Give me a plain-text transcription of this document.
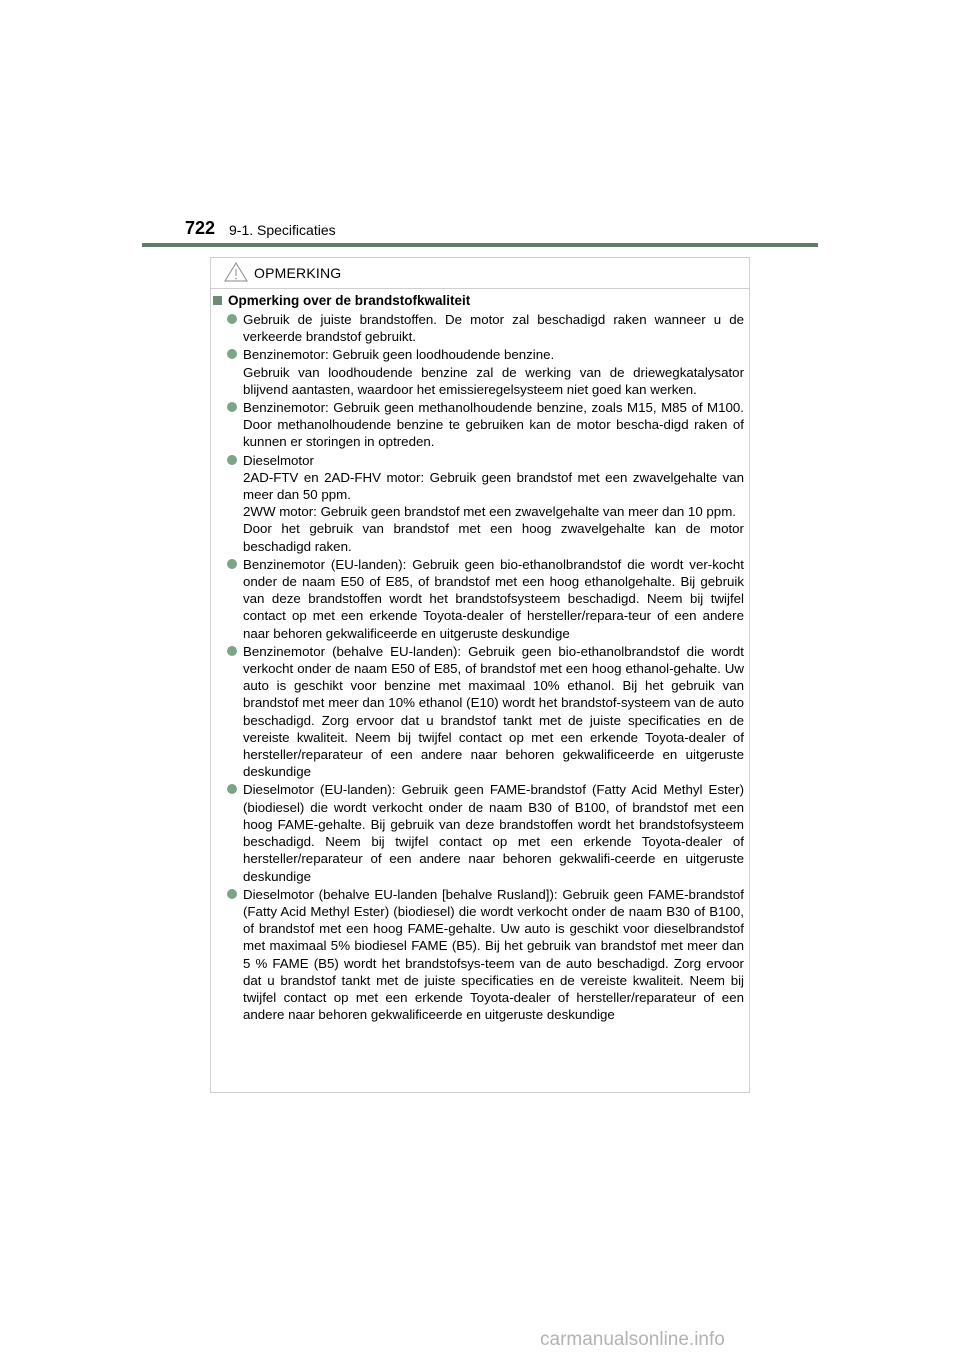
722 9-1. Specificaties
OPMERKING
Opmerking over de brandstofkwaliteit

Gebruik de juiste brandstoffen. De motor zal beschadigd raken wanneer u de verkeerde brandstof gebruikt.

Benzinemotor: Gebruik geen loodhoudende benzine.

Gebruik van loodhoudende benzine zal de werking van de driewegkatalysator blijvend aantasten, waardoor het emissieregelsysteem niet goed kan werken.

Benzinemotor: Gebruik geen methanolhoudende benzine, zoals M15, M85 of M100. Door methanolhoudende benzine te gebruiken kan de motor bescha-digd raken of kunnen er storingen in optreden.

Dieselmotor

2AD-FTV en 2AD-FHV motor: Gebruik geen brandstof met een zwavelgehalte van meer dan 50 ppm.

2WW motor: Gebruik geen brandstof met een zwavelgehalte van meer dan 10 ppm.

Door het gebruik van brandstof met een hoog zwavelgehalte kan de motor beschadigd raken.

Benzinemotor (EU-landen): Gebruik geen bio-ethanolbrandstof die wordt ver-kocht onder de naam E50 of E85, of brandstof met een hoog ethanolgehalte. Bij gebruik van deze brandstoffen wordt het brandstofsysteem beschadigd. Neem bij twijfel contact op met een erkende Toyota-dealer of hersteller/repara-teur of een andere naar behoren gekwalificeerde en uitgeruste deskundige

Benzinemotor (behalve EU-landen): Gebruik geen bio-ethanolbrandstof die wordt verkocht onder de naam E50 of E85, of brandstof met een hoog ethanol-gehalte. Uw auto is geschikt voor benzine met maximaal 10% ethanol. Bij het gebruik van brandstof met meer dan 10% ethanol (E10) wordt het brandstof-systeem van de auto beschadigd. Zorg ervoor dat u brandstof tankt met de juiste specificaties en de vereiste kwaliteit. Neem bij twijfel contact op met een erkende Toyota-dealer of hersteller/reparateur of een andere naar behoren gekwalificeerde en uitgeruste deskundige

Dieselmotor (EU-landen): Gebruik geen FAME-brandstof (Fatty Acid Methyl Ester) (biodiesel) die wordt verkocht onder de naam B30 of B100, of brandstof met een hoog FAME-gehalte. Bij gebruik van deze brandstoffen wordt het brandstofsysteem beschadigd. Neem bij twijfel contact op met een erkende Toyota-dealer of hersteller/reparateur of een andere naar behoren gekwalifi-ceerde en uitgeruste deskundige

Dieselmotor (behalve EU-landen [behalve Rusland]): Gebruik geen FAME-brandstof (Fatty Acid Methyl Ester) (biodiesel) die wordt verkocht onder de naam B30 of B100, of brandstof met een hoog FAME-gehalte. Uw auto is geschikt voor dieselbrandstof met maximaal 5% biodiesel FAME (B5). Bij het gebruik van brandstof met meer dan 5 % FAME (B5) wordt het brandstofsys-teem van de auto beschadigd. Zorg ervoor dat u brandstof tankt met de juiste specificaties en de vereiste kwaliteit. Neem bij twijfel contact op met een erkende Toyota-dealer of hersteller/reparateur of een andere naar behoren gekwalificeerde en uitgeruste deskundige

carmanualsonline.info
